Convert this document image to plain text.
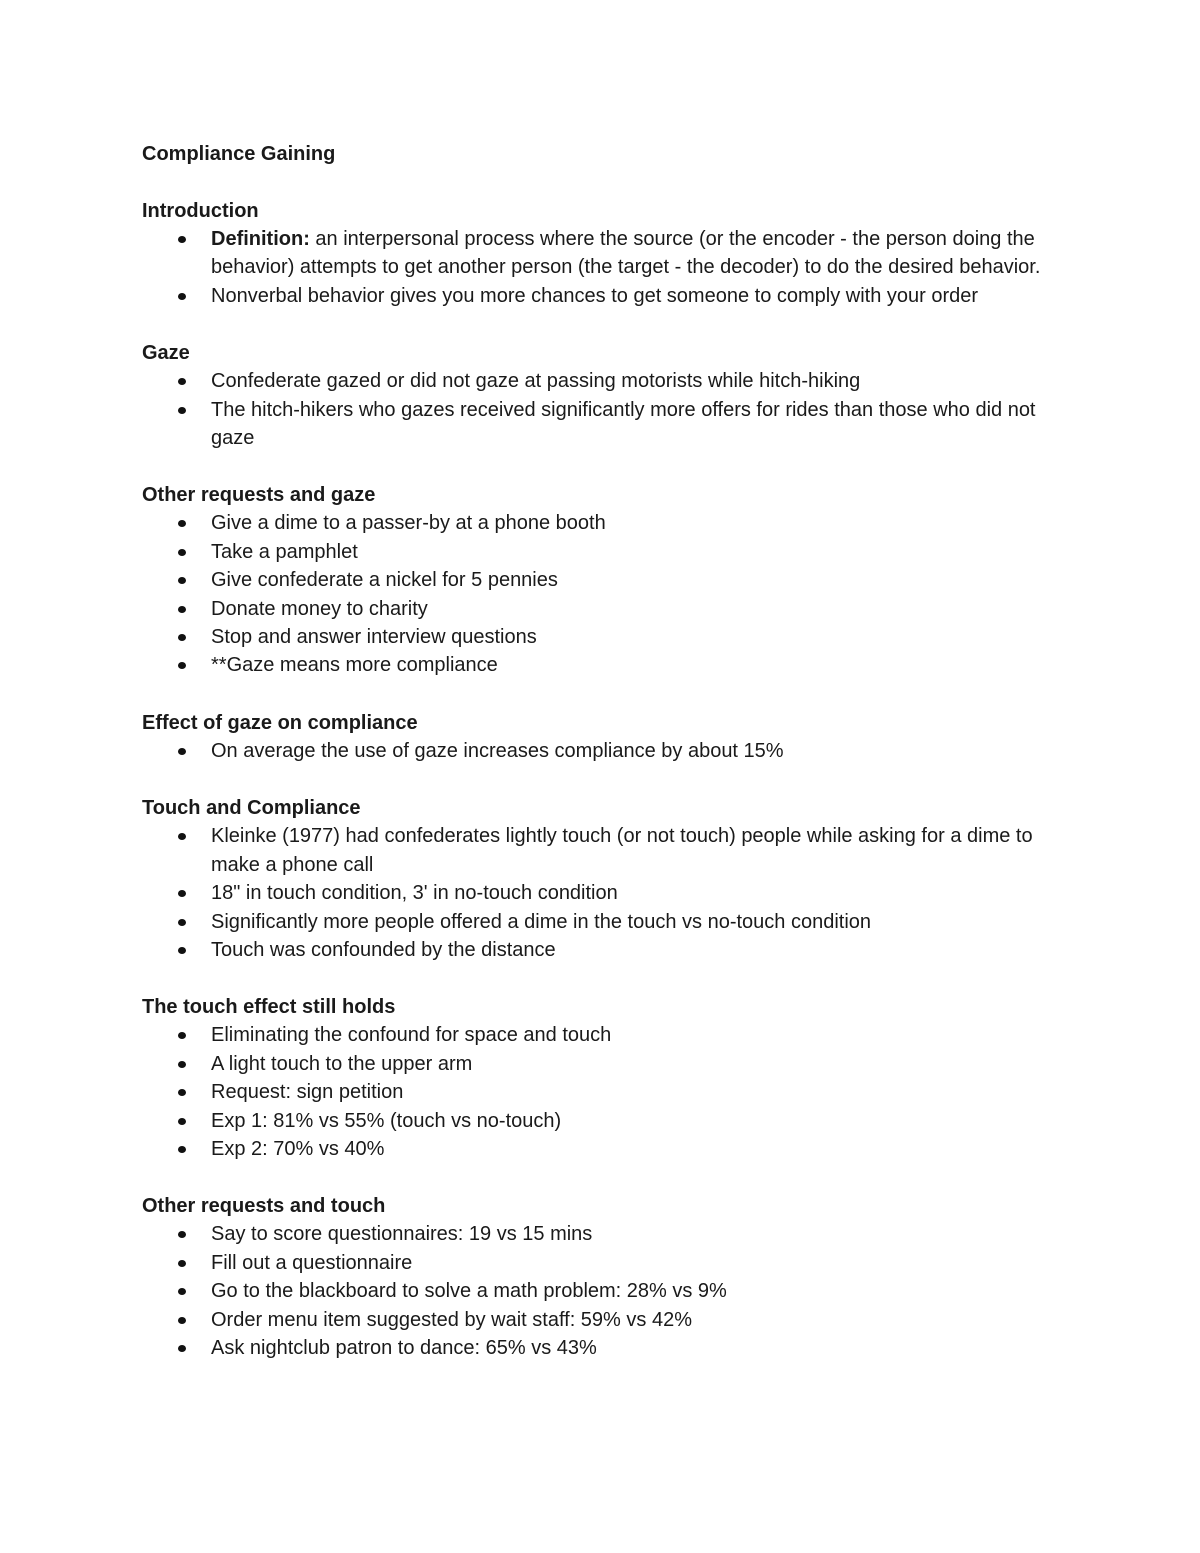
Compliance Gaining
Introduction
Definition: an interpersonal process where the source (or the encoder - the person doing the behavior) attempts to get another person (the target - the decoder) to do the desired behavior.
Nonverbal behavior gives you more chances to get someone to comply with your order
Gaze
Confederate gazed or did not gaze at passing motorists while hitch-hiking
The hitch-hikers who gazes received significantly more offers for rides than those who did not gaze
Other requests and gaze
Give a dime to a passer-by at a phone booth
Take a pamphlet
Give confederate a nickel for 5 pennies
Donate money to charity
Stop and answer interview questions
**Gaze means more compliance
Effect of gaze on compliance
On average the use of gaze increases compliance by about 15%
Touch and Compliance
Kleinke (1977) had confederates lightly touch (or not touch) people while asking for a dime to make a phone call
18" in touch condition, 3' in no-touch condition
Significantly more people offered a dime in the touch vs no-touch condition
Touch was confounded by the distance
The touch effect still holds
Eliminating the confound for space and touch
A light touch to the upper arm
Request: sign petition
Exp 1: 81% vs 55% (touch vs no-touch)
Exp 2: 70% vs 40%
Other requests and touch
Say to score questionnaires: 19 vs 15 mins
Fill out a questionnaire
Go to the blackboard to solve a math problem: 28% vs 9%
Order menu item suggested by wait staff: 59% vs 42%
Ask nightclub patron to dance: 65% vs 43%
